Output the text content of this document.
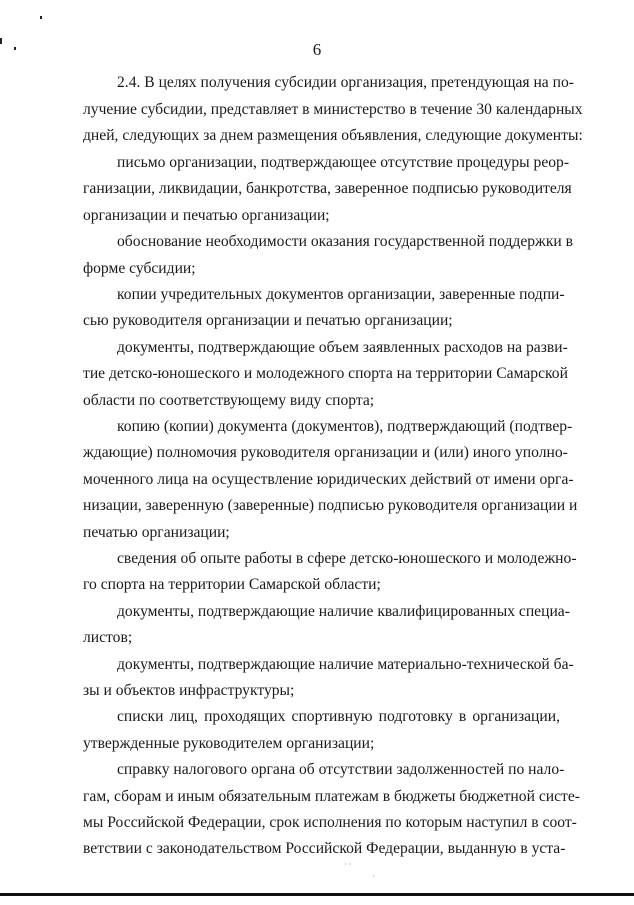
6
2.4. В целях получения субсидии организация, претендующая на по-
лучение субсидии, представляет в министерство в течение 30 календарных
дней, следующих за днем размещения объявления, следующие документы:
письмо организации, подтверждающее отсутствие процедуры реор-
ганизации, ликвидации, банкротства, заверенное подписью руководителя
организации и печатью организации;
обоснование необходимости оказания государственной поддержки в
форме субсидии;
копии учредительных документов организации, заверенные подпи-
сью руководителя организации и печатью организации;
документы, подтверждающие объем заявленных расходов на разви-
тие детско-юношеского и молодежного спорта на территории Самарской
области по соответствующему виду спорта;
копию (копии) документа (документов), подтверждающий (подтвер-
ждающие) полномочия руководителя организации и (или) иного уполно-
моченного лица на осуществление юридических действий от имени орга-
низации, заверенную (заверенные) подписью руководителя организации и
печатью организации;
сведения об опыте работы в сфере детско-юношеского и молодежно-
го спорта на территории Самарской области;
документы, подтверждающие наличие квалифицированных специа-
листов;
документы, подтверждающие наличие материально-технической ба-
зы и объектов инфраструктуры;
списки лиц, проходящих спортивную подготовку в организации,
утвержденные руководителем организации;
справку налогового органа об отсутствии задолженностей по нало-
гам, сборам и иным обязательным платежам в бюджеты бюджетной систе-
мы Российской Федерации, срок исполнения по которым наступил в соот-
ветствии с законодательством Российской Федерации, выданную в уста-
· ·
·
